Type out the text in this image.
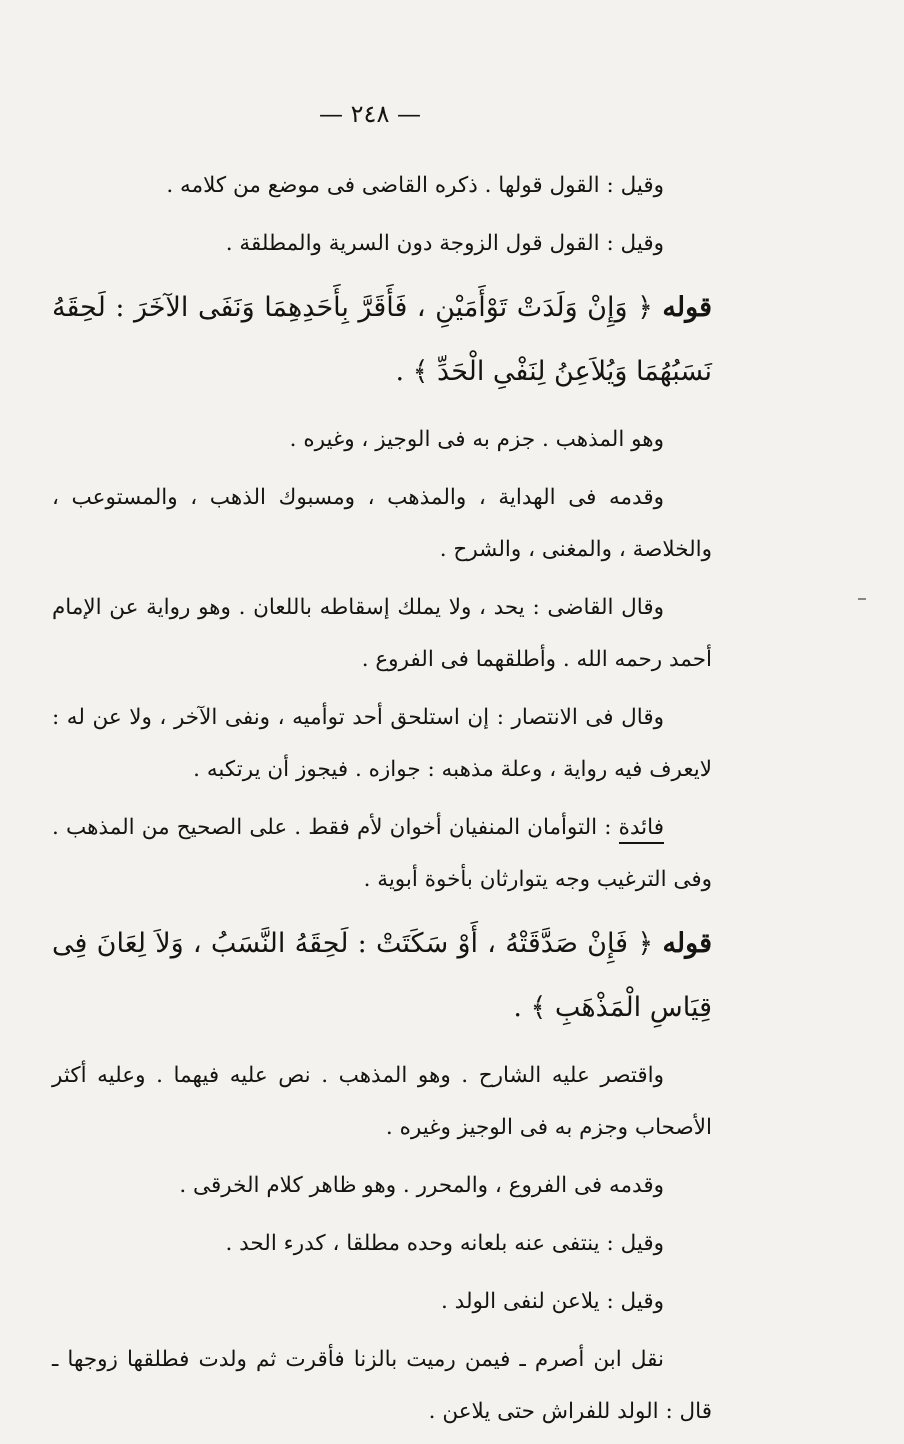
— ٢٤٨ —

وقيل : القول قولها . ذكره القاضى فى موضع من كلامه .

وقيل : القول قول الزوجة دون السرية والمطلقة .

قوله ﴿ وَإِنْ وَلَدَتْ تَوْأَمَيْنِ ، فَأَقَرَّ بِأَحَدِهِمَا وَنَفَى الآخَرَ : لَحِقَهُ نَسَبُهُمَا وَيُلاَعِنُ لِنَفْىِ الْحَدِّ ﴾ .

وهو المذهب . جزم به فى الوجيز ، وغيره .

وقدمه فى الهداية ، والمذهب ، ومسبوك الذهب ، والمستوعب ، والخلاصة ، والمغنى ، والشرح .

وقال القاضى : يحد ، ولا يملك إسقاطه باللعان . وهو رواية عن الإمام أحمد رحمه الله . وأطلقهما فى الفروع .

وقال فى الانتصار : إن استلحق أحد توأميه ، ونفى الآخر ، ولا عن له : لايعرف فيه رواية ، وعلة مذهبه : جوازه . فيجوز أن يرتكبه .

فائدة : التوأمان المنفيان أخوان لأم فقط . على الصحيح من المذهب . وفى الترغيب وجه يتوارثان بأخوة أبوية .

قوله ﴿ فَإِنْ صَدَّقَتْهُ ، أَوْ سَكَتَتْ : لَحِقَهُ النَّسَبُ ، وَلاَ لِعَانَ فِى قِيَاسِ الْمَذْهَبِ ﴾ .

واقتصر عليه الشارح . وهو المذهب . نص عليه فيهما . وعليه أكثر الأصحاب وجزم به فى الوجيز وغيره .

وقدمه فى الفروع ، والمحرر . وهو ظاهر كلام الخرقى .

وقيل : ينتفى عنه بلعانه وحده مطلقا ، كدرء الحد .

وقيل : يلاعن لنفى الولد .

نقل ابن أصرم ـ فيمن رميت بالزنا فأقرت ثم ولدت فطلقها زوجها ـ قال : الولد للفراش حتى يلاعن .
